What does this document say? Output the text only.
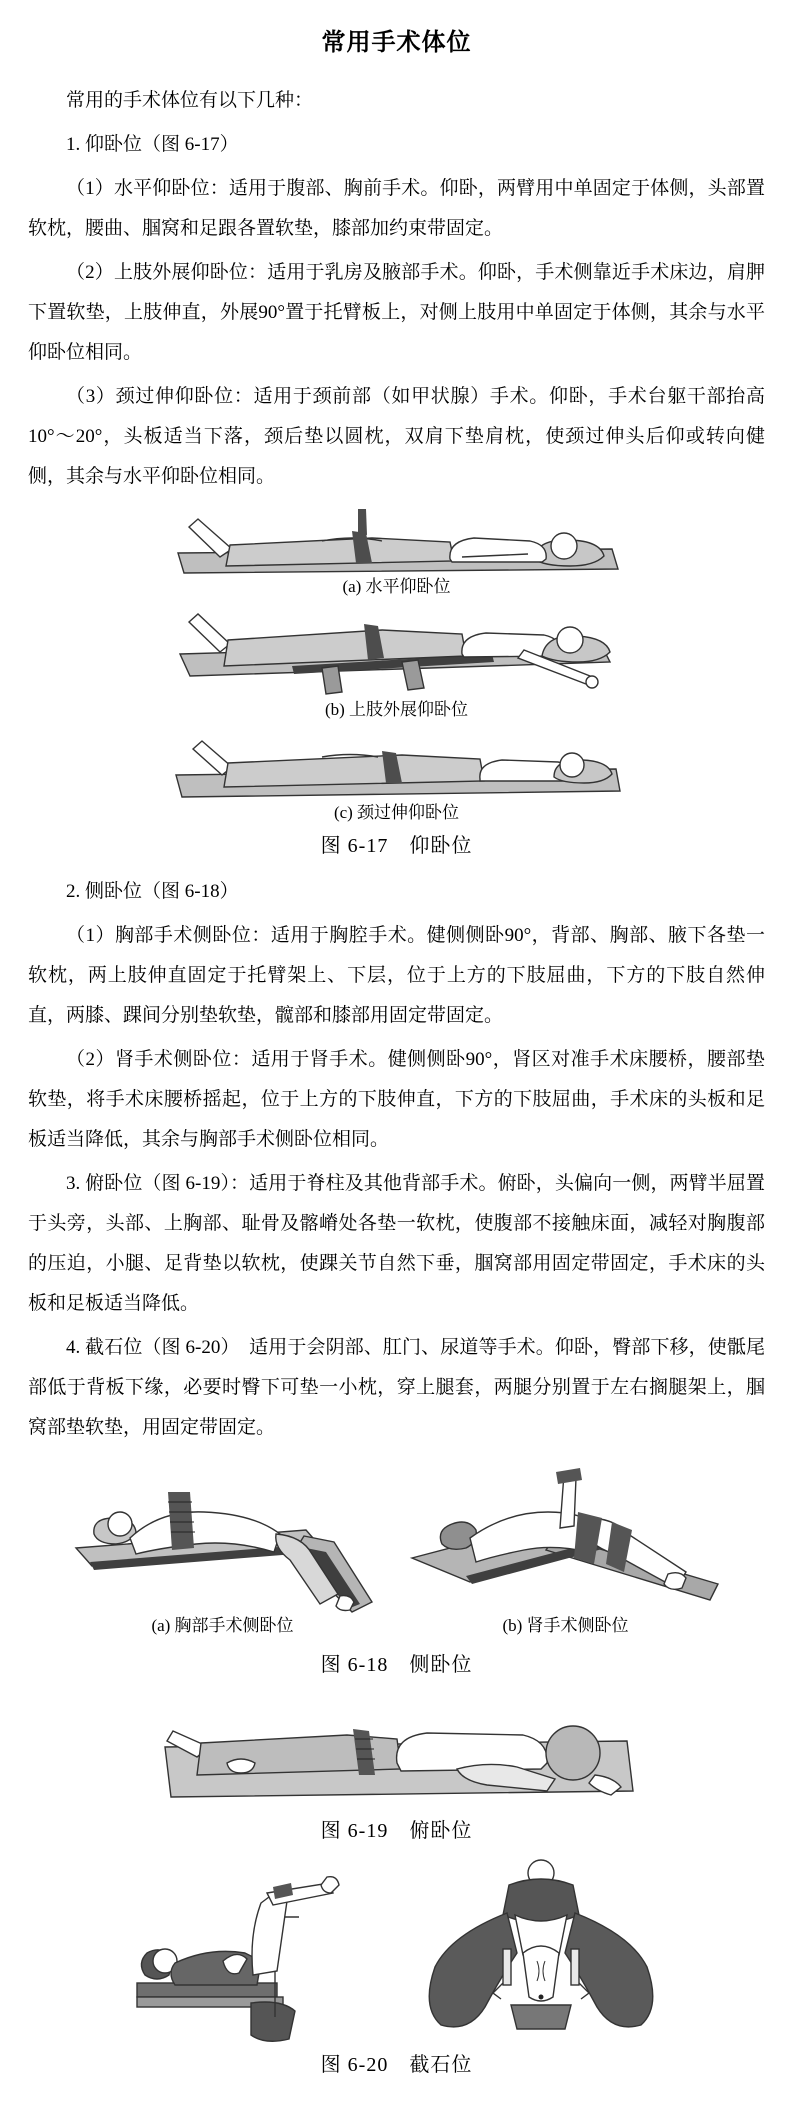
常用手术体位

常用的手术体位有以下几种：

1. 仰卧位（图 6-17）

（1）水平仰卧位：适用于腹部、胸前手术。仰卧，两臂用中单固定于体侧，头部置软枕，腰曲、腘窝和足跟各置软垫，膝部加约束带固定。

（2）上肢外展仰卧位：适用于乳房及腋部手术。仰卧，手术侧靠近手术床边，肩胛下置软垫，上肢伸直，外展90°置于托臂板上，对侧上肢用中单固定于体侧，其余与水平仰卧位相同。

（3）颈过伸仰卧位：适用于颈前部（如甲状腺）手术。仰卧，手术台躯干部抬高10°～20°，头板适当下落，颈后垫以圆枕，双肩下垫肩枕，使颈过伸头后仰或转向健侧，其余与水平仰卧位相同。

(a) 水平仰卧位
(b) 上肢外展仰卧位
(c) 颈过伸仰卧位
图 6-17　仰卧位

2. 侧卧位（图 6-18）

（1）胸部手术侧卧位：适用于胸腔手术。健侧侧卧90°，背部、胸部、腋下各垫一软枕，两上肢伸直固定于托臂架上、下层，位于上方的下肢屈曲，下方的下肢自然伸直，两膝、踝间分别垫软垫，髋部和膝部用固定带固定。

（2）肾手术侧卧位：适用于肾手术。健侧侧卧90°，肾区对准手术床腰桥，腰部垫软垫，将手术床腰桥摇起，位于上方的下肢伸直，下方的下肢屈曲，手术床的头板和足板适当降低，其余与胸部手术侧卧位相同。

3. 俯卧位（图 6-19）：适用于脊柱及其他背部手术。俯卧，头偏向一侧，两臂半屈置于头旁，头部、上胸部、耻骨及髂嵴处各垫一软枕，使腹部不接触床面，减轻对胸腹部的压迫，小腿、足背垫以软枕，使踝关节自然下垂，腘窝部用固定带固定，手术床的头板和足板适当降低。

4. 截石位（图 6-20）　适用于会阴部、肛门、尿道等手术。仰卧，臀部下移，使骶尾部低于背板下缘，必要时臀下可垫一小枕，穿上腿套，两腿分别置于左右搁腿架上，腘窝部垫软垫，用固定带固定。

(a) 胸部手术侧卧位	(b) 肾手术侧卧位
图 6-18　侧卧位
图 6-19　俯卧位
图 6-20　截石位
